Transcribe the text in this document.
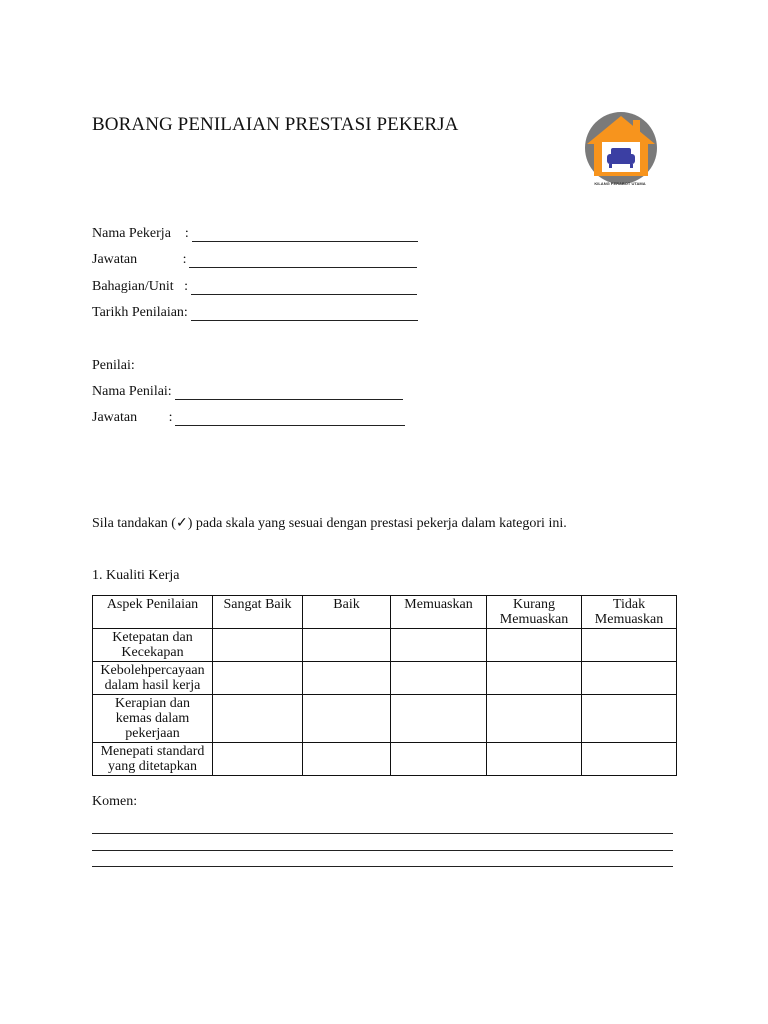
BORANG PENILAIAN PRESTASI PEKERJA
KILANG PERABOT UTAMA
Nama Pekerja    :
Jawatan             :
Bahagian/Unit   :
Tarikh Penilaian:
Penilai:
Nama Penilai:
Jawatan         :
Sila tandakan (✓) pada skala yang sesuai dengan prestasi pekerja dalam kategori ini.
1. Kualiti Kerja
Aspek Penilaian	Sangat Baik	Baik	Memuaskan	Kurang Memuaskan	Tidak Memuaskan
Ketepatan dan Kecekapan					
Kebolehpercayaan dalam hasil kerja					
Kerapian dan kemas dalam pekerjaan					
Menepati standard yang ditetapkan					
Komen:
